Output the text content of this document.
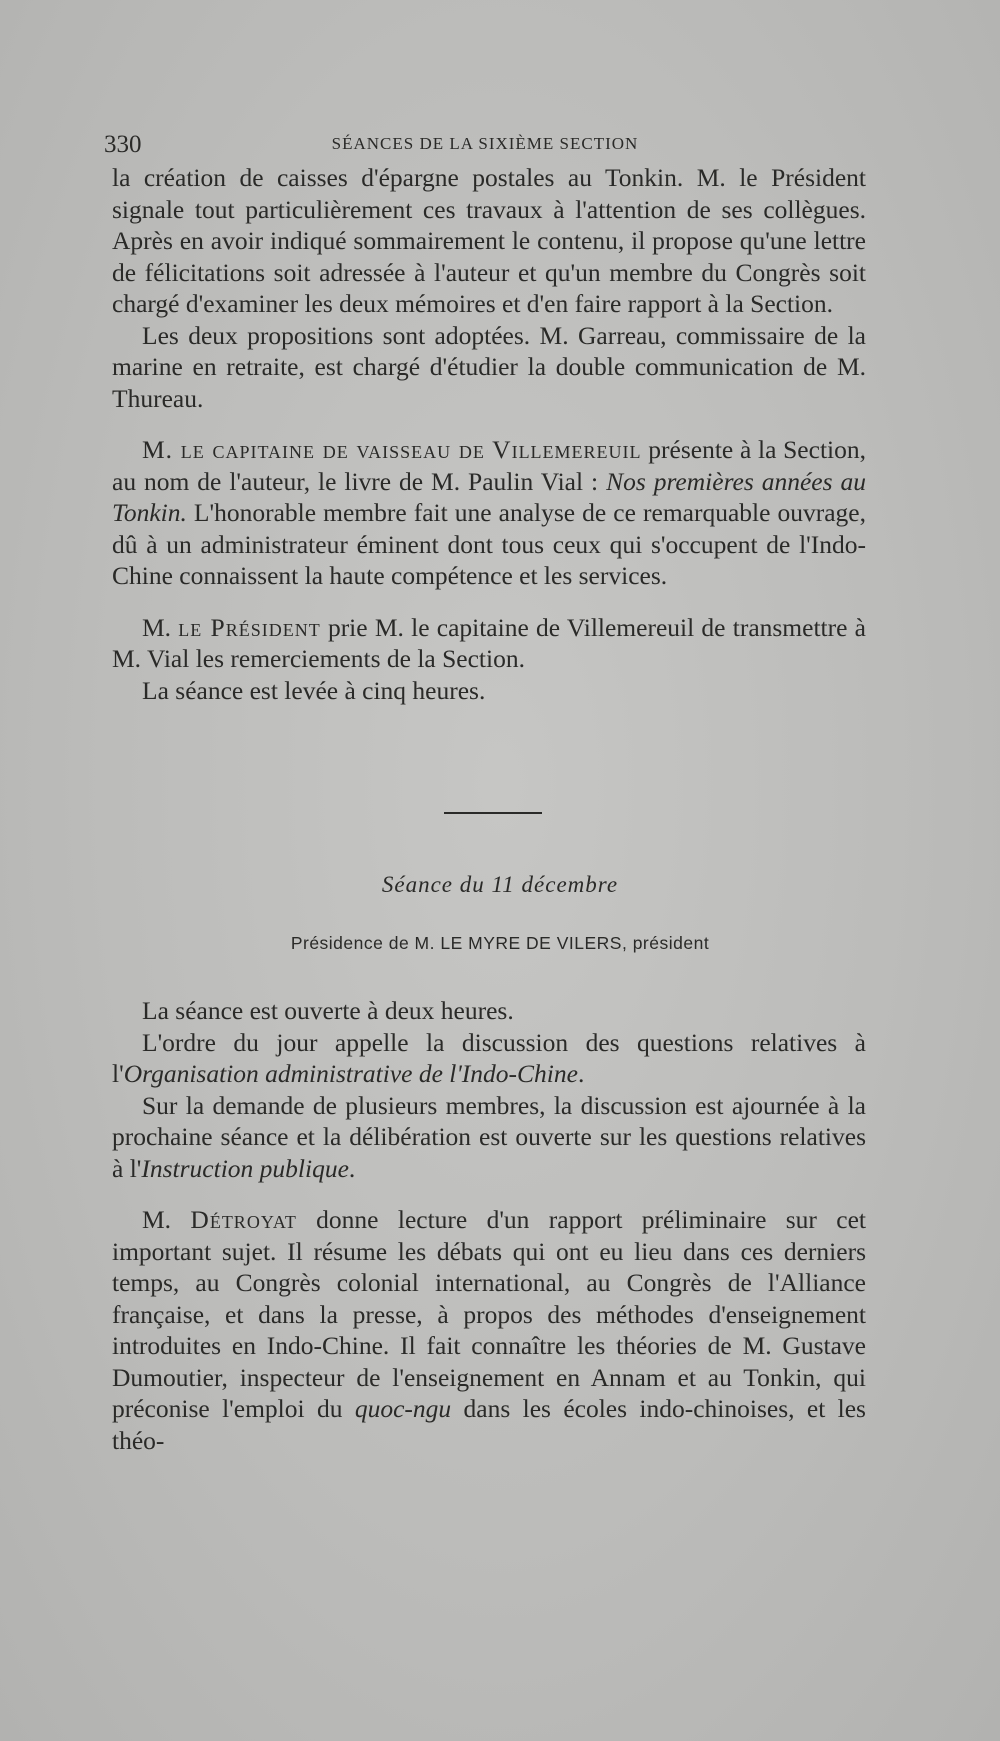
330	SÉANCES DE LA SIXIÈME SECTION

la création de caisses d'épargne postales au Tonkin. M. le Président signale tout particulièrement ces travaux à l'attention de ses collègues. Après en avoir indiqué sommairement le contenu, il propose qu'une lettre de félicitations soit adressée à l'auteur et qu'un membre du Congrès soit chargé d'examiner les deux mémoires et d'en faire rapport à la Section.

Les deux propositions sont adoptées. M. Garreau, commissaire de la marine en retraite, est chargé d'étudier la double communication de M. Thureau.

M. le capitaine de vaisseau de Villemereuil présente à la Section, au nom de l'auteur, le livre de M. Paulin Vial : Nos premières années au Tonkin. L'honorable membre fait une analyse de ce remarquable ouvrage, dû à un administrateur éminent dont tous ceux qui s'occupent de l'Indo-Chine connaissent la haute compétence et les services.

M. le Président prie M. le capitaine de Villemereuil de transmettre à M. Vial les remerciements de la Section.

La séance est levée à cinq heures.

Séance du 11 décembre
Présidence de M. LE MYRE DE VILERS, président

La séance est ouverte à deux heures.

L'ordre du jour appelle la discussion des questions relatives à l'Organisation administrative de l'Indo-Chine.

Sur la demande de plusieurs membres, la discussion est ajournée à la prochaine séance et la délibération est ouverte sur les questions relatives à l'Instruction publique.

M. Détroyat donne lecture d'un rapport préliminaire sur cet important sujet. Il résume les débats qui ont eu lieu dans ces derniers temps, au Congrès colonial international, au Congrès de l'Alliance française, et dans la presse, à propos des méthodes d'enseignement introduites en Indo-Chine. Il fait connaître les théories de M. Gustave Dumoutier, inspecteur de l'enseignement en Annam et au Tonkin, qui préconise l'emploi du quoc-ngu dans les écoles indo-chinoises, et les théo-
